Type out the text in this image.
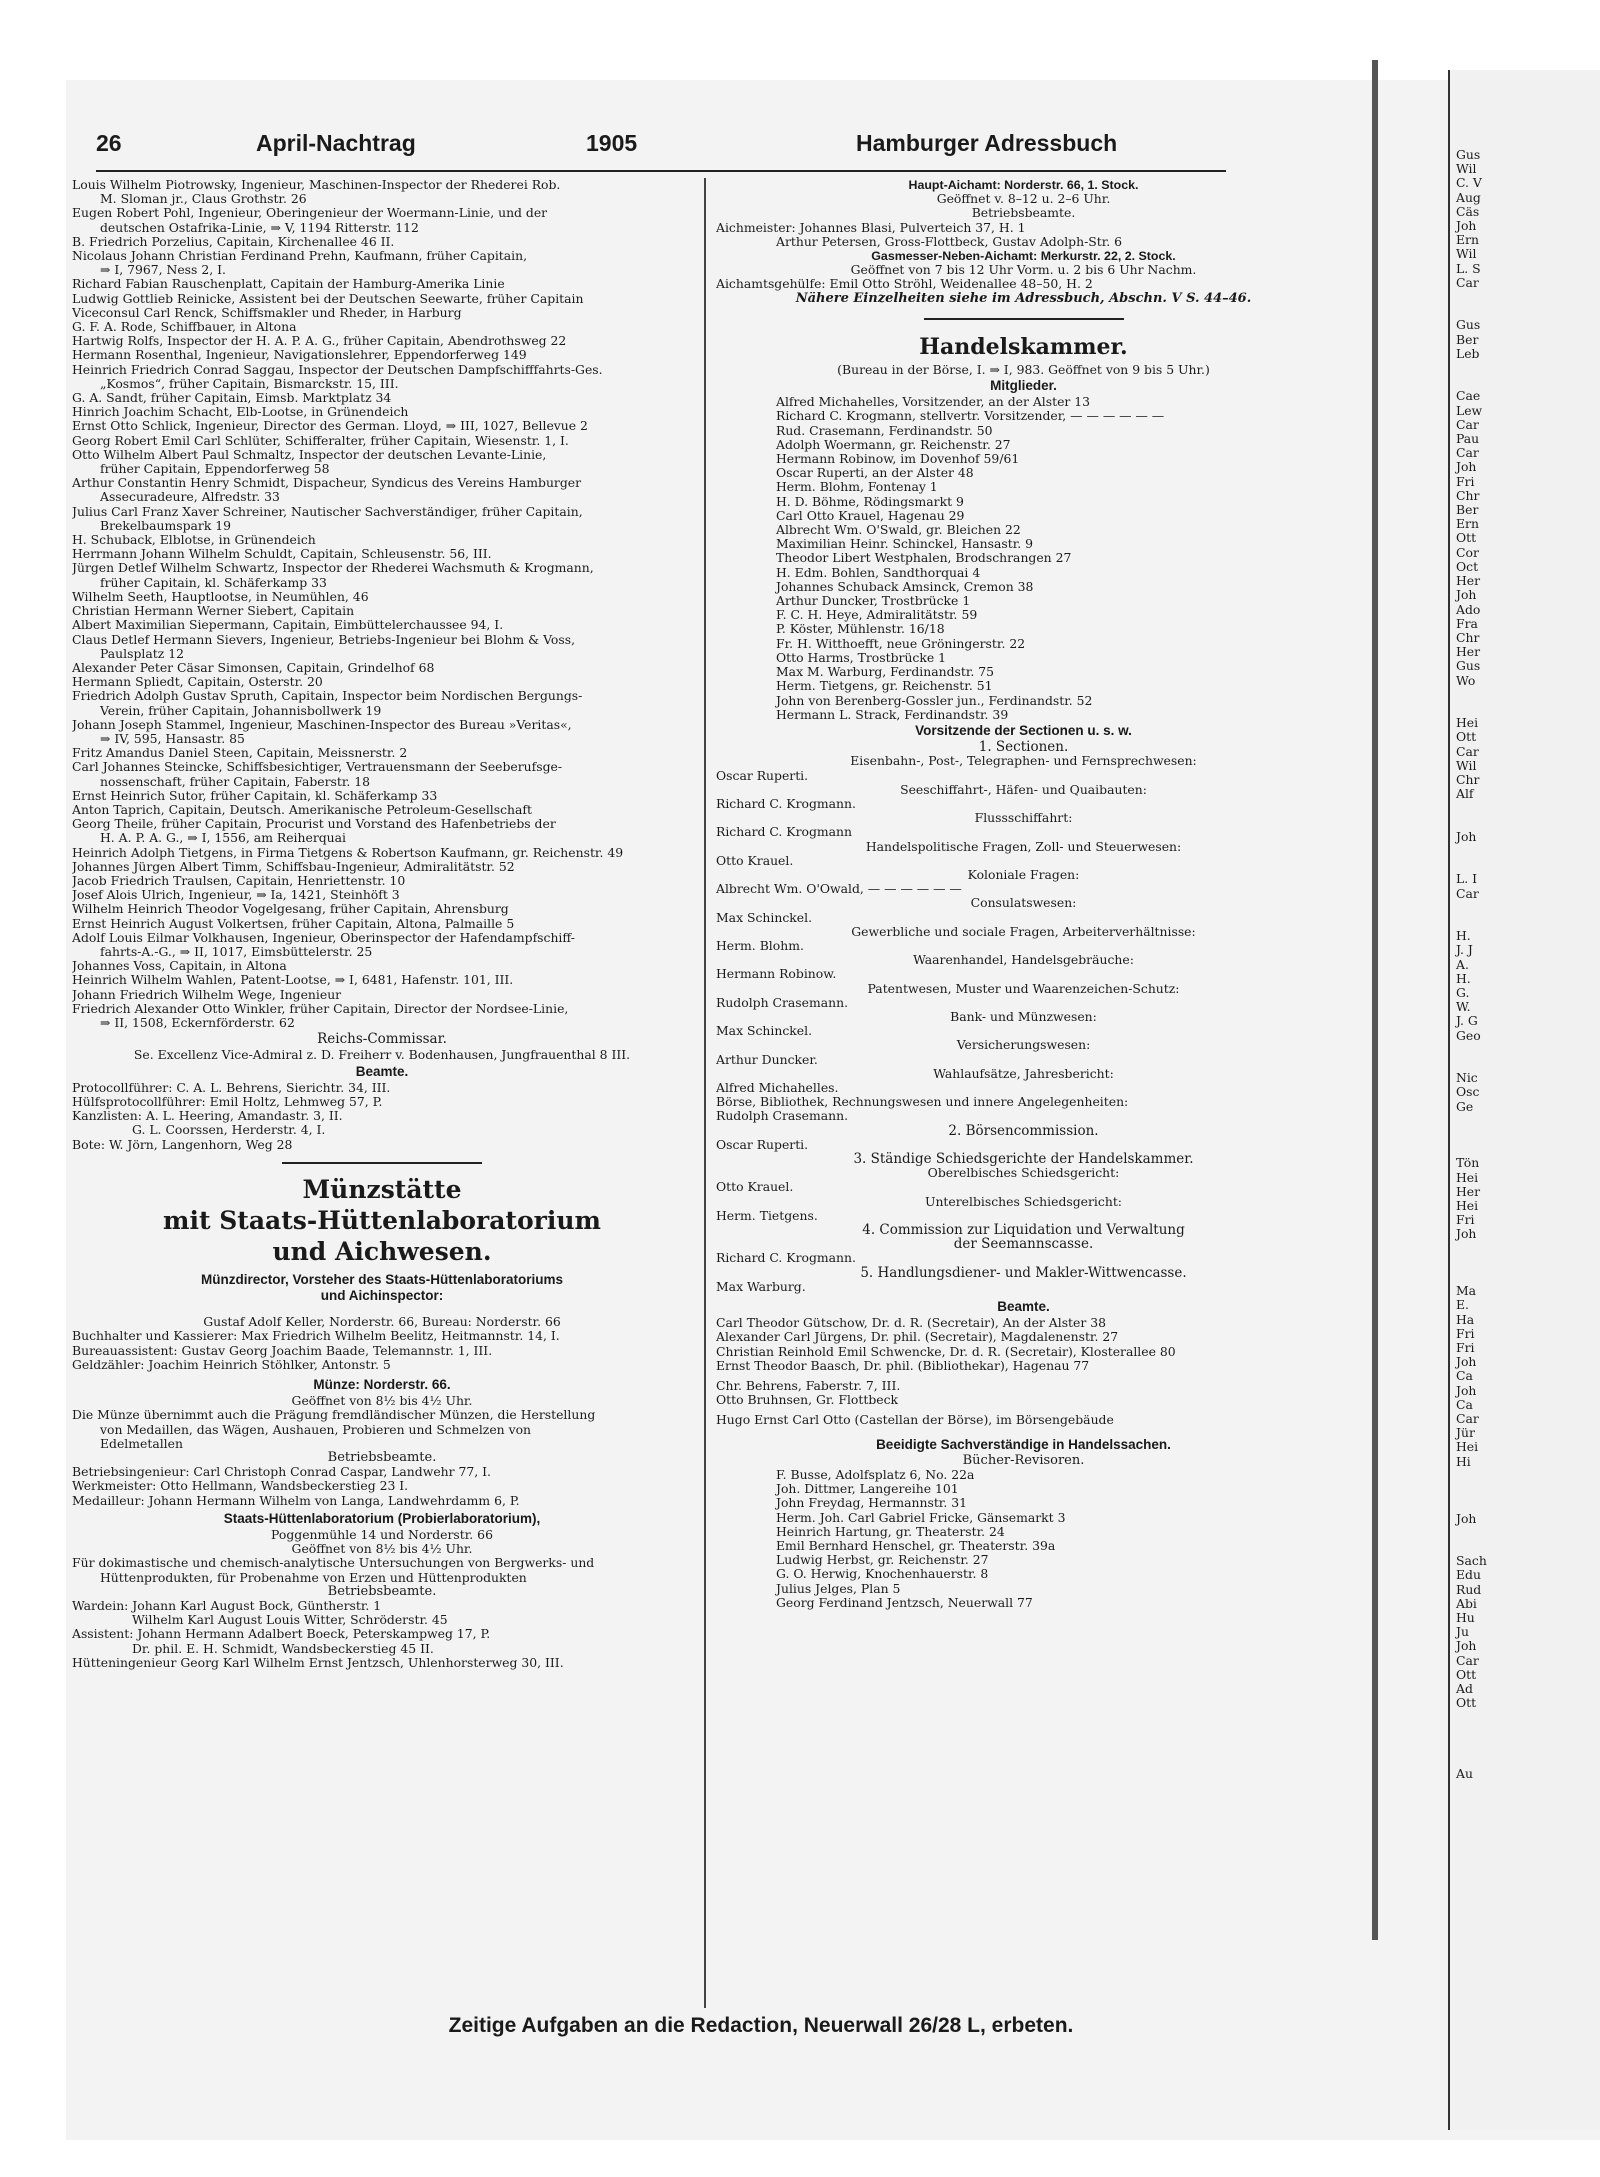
26	April-Nachtrag	1905	Hamburger Adressbuch
Louis Wilhelm Piotrowsky, Ingenieur, Maschinen-Inspector der Rhederei Rob.
M. Sloman jr., Claus Grothstr. 26
Eugen Robert Pohl, Ingenieur, Oberingenieur der Woermann-Linie, und der
deutschen Ostafrika-Linie, ⇒ V, 1194 Ritterstr. 112
B. Friedrich Porzelius, Capitain, Kirchenallee 46 II.
Nicolaus Johann Christian Ferdinand Prehn, Kaufmann, früher Capitain,
⇒ I, 7967, Ness 2, I.
Richard Fabian Rauschenplatt, Capitain der Hamburg-Amerika Linie
Ludwig Gottlieb Reinicke, Assistent bei der Deutschen Seewarte, früher Capitain
Viceconsul Carl Renck, Schiffsmakler und Rheder, in Harburg
G. F. A. Rode, Schiffbauer, in Altona
Hartwig Rolfs, Inspector der H. A. P. A. G., früher Capitain, Abendrothsweg 22
Hermann Rosenthal, Ingenieur, Navigationslehrer, Eppendorferweg 149
Heinrich Friedrich Conrad Saggau, Inspector der Deutschen Dampfschifffahrts-Ges.
„Kosmos“, früher Capitain, Bismarckstr. 15, III.
G. A. Sandt, früher Capitain, Eimsb. Marktplatz 34
Hinrich Joachim Schacht, Elb-Lootse, in Grünendeich
Ernst Otto Schlick, Ingenieur, Director des German. Lloyd, ⇒ III, 1027, Bellevue 2
Georg Robert Emil Carl Schlüter, Schifferalter, früher Capitain, Wiesenstr. 1, I.
Otto Wilhelm Albert Paul Schmaltz, Inspector der deutschen Levante-Linie,
früher Capitain, Eppendorferweg 58
Arthur Constantin Henry Schmidt, Dispacheur, Syndicus des Vereins Hamburger
Assecuradeure, Alfredstr. 33
Julius Carl Franz Xaver Schreiner, Nautischer Sachverständiger, früher Capitain,
Brekelbaumspark 19
H. Schuback, Elblotse, in Grünendeich
Herrmann Johann Wilhelm Schuldt, Capitain, Schleusenstr. 56, III.
Jürgen Detlef Wilhelm Schwartz, Inspector der Rhederei Wachsmuth & Krogmann,
früher Capitain, kl. Schäferkamp 33
Wilhelm Seeth, Hauptlootse, in Neumühlen, 46
Christian Hermann Werner Siebert, Capitain
Albert Maximilian Siepermann, Capitain, Eimbüttelerchaussee 94, I.
Claus Detlef Hermann Sievers, Ingenieur, Betriebs-Ingenieur bei Blohm & Voss,
Paulsplatz 12
Alexander Peter Cäsar Simonsen, Capitain, Grindelhof 68
Hermann Spliedt, Capitain, Osterstr. 20
Friedrich Adolph Gustav Spruth, Capitain, Inspector beim Nordischen Bergungs-
Verein, früher Capitain, Johannisbollwerk 19
Johann Joseph Stammel, Ingenieur, Maschinen-Inspector des Bureau »Veritas«,
⇒ IV, 595, Hansastr. 85
Fritz Amandus Daniel Steen, Capitain, Meissnerstr. 2
Carl Johannes Steincke, Schiffsbesichtiger, Vertrauensmann der Seeberufsge-
nossenschaft, früher Capitain, Faberstr. 18
Ernst Heinrich Sutor, früher Capitain, kl. Schäferkamp 33
Anton Taprich, Capitain, Deutsch. Amerikanische Petroleum-Gesellschaft
Georg Theile, früher Capitain, Procurist und Vorstand des Hafenbetriebs der
H. A. P. A. G., ⇒ I, 1556, am Reiherquai
Heinrich Adolph Tietgens, in Firma Tietgens & Robertson Kaufmann, gr. Reichenstr. 49
Johannes Jürgen Albert Timm, Schiffsbau-Ingenieur, Admiralitätstr. 52
Jacob Friedrich Traulsen, Capitain, Henriettenstr. 10
Josef Alois Ulrich, Ingenieur, ⇒ Ia, 1421, Steinhöft 3
Wilhelm Heinrich Theodor Vogelgesang, früher Capitain, Ahrensburg
Ernst Heinrich August Volkertsen, früher Capitain, Altona, Palmaille 5
Adolf Louis Eilmar Volkhausen, Ingenieur, Oberinspector der Hafendampfschiff-
fahrts-A.-G., ⇒ II, 1017, Eimsbüttelerstr. 25
Johannes Voss, Capitain, in Altona
Heinrich Wilhelm Wahlen, Patent-Lootse, ⇒ I, 6481, Hafenstr. 101, III.
Johann Friedrich Wilhelm Wege, Ingenieur
Friedrich Alexander Otto Winkler, früher Capitain, Director der Nordsee-Linie,
⇒ II, 1508, Eckernförderstr. 62
Reichs-Commissar.
Se. Excellenz Vice-Admiral z. D. Freiherr v. Bodenhausen, Jungfrauenthal 8 III.
Beamte.
Protocollführer: C. A. L. Behrens, Sierichtr. 34, III.
Hülfsprotocollführer: Emil Holtz, Lehmweg 57, P.
Kanzlisten: A. L. Heering, Amandastr. 3, II.
G. L. Coorssen, Herderstr. 4, I.
Bote: W. Jörn, Langenhorn, Weg 28
Münzstätte
mit Staats-Hüttenlaboratorium
und Aichwesen.
Münzdirector, Vorsteher des Staats-Hüttenlaboratoriums
und Aichinspector:
Gustaf Adolf Keller, Norderstr. 66, Bureau: Norderstr. 66
Buchhalter und Kassierer: Max Friedrich Wilhelm Beelitz, Heitmannstr. 14, I.
Bureauassistent: Gustav Georg Joachim Baade, Telemannstr. 1, III.
Geldzähler: Joachim Heinrich Stöhlker, Antonstr. 5
Münze: Norderstr. 66.
Geöffnet von 8½ bis 4½ Uhr.
Die Münze übernimmt auch die Prägung fremdländischer Münzen, die Herstellung
von Medaillen, das Wägen, Aushauen, Probieren und Schmelzen von
Edelmetallen
Betriebsbeamte.
Betriebsingenieur: Carl Christoph Conrad Caspar, Landwehr 77, I.
Werkmeister: Otto Hellmann, Wandsbeckerstieg 23 I.
Medailleur: Johann Hermann Wilhelm von Langa, Landwehrdamm 6, P.
Staats-Hüttenlaboratorium (Probierlaboratorium),
Poggenmühle 14 und Norderstr. 66
Geöffnet von 8½ bis 4½ Uhr.
Für dokimastische und chemisch-analytische Untersuchungen von Bergwerks- und
Hüttenprodukten, für Probenahme von Erzen und Hüttenprodukten
Betriebsbeamte.
Wardein: Johann Karl August Bock, Güntherstr. 1
Wilhelm Karl August Louis Witter, Schröderstr. 45
Assistent: Johann Hermann Adalbert Boeck, Peterskampweg 17, P.
Dr. phil. E. H. Schmidt, Wandsbeckerstieg 45 II.
Hütteningenieur Georg Karl Wilhelm Ernst Jentzsch, Uhlenhorsterweg 30, III.
Haupt-Aichamt: Norderstr. 66, 1. Stock.
Geöffnet v. 8–12 u. 2–6 Uhr.
Betriebsbeamte.
Aichmeister: Johannes Blasi, Pulverteich 37, H. 1
Arthur Petersen, Gross-Flottbeck, Gustav Adolph-Str. 6
Gasmesser-Neben-Aichamt: Merkurstr. 22, 2. Stock.
Geöffnet von 7 bis 12 Uhr Vorm. u. 2 bis 6 Uhr Nachm.
Aichamtsgehülfe: Emil Otto Ströhl, Weidenallee 48–50, H. 2
Nähere Einzelheiten siehe im Adressbuch, Abschn. V S. 44–46.
Handelskammer.
(Bureau in der Börse, I. ⇒ I, 983. Geöffnet von 9 bis 5 Uhr.)
Mitglieder.
Alfred Michahelles, Vorsitzender, an der Alster 13
Richard C. Krogmann, stellvertr. Vorsitzender, — — — — — —
Rud. Crasemann, Ferdinandstr. 50
Adolph Woermann, gr. Reichenstr. 27
Hermann Robinow, im Dovenhof 59/61
Oscar Ruperti, an der Alster 48
Herm. Blohm, Fontenay 1
H. D. Böhme, Rödingsmarkt 9
Carl Otto Krauel, Hagenau 29
Albrecht Wm. O'Swald, gr. Bleichen 22
Maximilian Heinr. Schinckel, Hansastr. 9
Theodor Libert Westphalen, Brodschrangen 27
H. Edm. Bohlen, Sandthorquai 4
Johannes Schuback Amsinck, Cremon 38
Arthur Duncker, Trostbrücke 1
F. C. H. Heye, Admiralitätstr. 59
P. Köster, Mühlenstr. 16/18
Fr. H. Witthoefft, neue Gröningerstr. 22
Otto Harms, Trostbrücke 1
Max M. Warburg, Ferdinandstr. 75
Herm. Tietgens, gr. Reichenstr. 51
John von Berenberg-Gossler jun., Ferdinandstr. 52
Hermann L. Strack, Ferdinandstr. 39
Vorsitzende der Sectionen u. s. w.
1. Sectionen.
Eisenbahn-, Post-, Telegraphen- und Fernsprechwesen:
Oscar Ruperti.
Seeschiffahrt-, Häfen- und Quaibauten:
Richard C. Krogmann.
Flussschiffahrt:
Richard C. Krogmann
Handelspolitische Fragen, Zoll- und Steuerwesen:
Otto Krauel.
Koloniale Fragen:
Albrecht Wm. O'Owald, — — — — — —
Consulatswesen:
Max Schinckel.
Gewerbliche und sociale Fragen, Arbeiterverhältnisse:
Herm. Blohm.
Waarenhandel, Handelsgebräuche:
Hermann Robinow.
Patentwesen, Muster und Waarenzeichen-Schutz:
Rudolph Crasemann.
Bank- und Münzwesen:
Max Schinckel.
Versicherungswesen:
Arthur Duncker.
Wahlaufsätze, Jahresbericht:
Alfred Michahelles.
Börse, Bibliothek, Rechnungswesen und innere Angelegenheiten:
Rudolph Crasemann.
2. Börsencommission.
Oscar Ruperti.
3. Ständige Schiedsgerichte der Handelskammer.
Oberelbisches Schiedsgericht:
Otto Krauel.
Unterelbisches Schiedsgericht:
Herm. Tietgens.
4. Commission zur Liquidation und Verwaltung
der Seemannscasse.
Richard C. Krogmann.
5. Handlungsdiener- und Makler-Wittwencasse.
Max Warburg.
Beamte.
Carl Theodor Gütschow, Dr. d. R. (Secretair), An der Alster 38
Alexander Carl Jürgens, Dr. phil. (Secretair), Magdalenenstr. 27
Christian Reinhold Emil Schwencke, Dr. d. R. (Secretair), Klosterallee 80
Ernst Theodor Baasch, Dr. phil. (Bibliothekar), Hagenau 77
Chr. Behrens, Faberstr. 7, III.
Otto Bruhnsen, Gr. Flottbeck
Hugo Ernst Carl Otto (Castellan der Börse), im Börsengebäude
Beeidigte Sachverständige in Handelssachen.
Bücher-Revisoren.
F. Busse, Adolfsplatz 6, No. 22a
Joh. Dittmer, Langereihe 101
John Freydag, Hermannstr. 31
Herm. Joh. Carl Gabriel Fricke, Gänsemarkt 3
Heinrich Hartung, gr. Theaterstr. 24
Emil Bernhard Henschel, gr. Theaterstr. 39a
Ludwig Herbst, gr. Reichenstr. 27
G. O. Herwig, Knochenhauerstr. 8
Julius Jelges, Plan 5
Georg Ferdinand Jentzsch, Neuerwall 77
Zeitige Aufgaben an die Redaction, Neuerwall 26/28 L, erbeten.
Gus
Wil
C. V
Aug
Cäs
Joh
Ern
Wil
L. S
Car

Gus
Ber
Leb

Cae
Lew
Car
Pau
Car
Joh
Fri
Chr
Ber
Ern
Ott
Cor
Oct
Her
Joh
Ado
Fra
Chr
Her
Gus
Wo

Hei
Ott
Car
Wil
Chr
Alf

Joh

L. I
Car

H.
J. J
A.
H.
G.
W.
J. G
Geo

Nic
Osc
Ge

Tön
Hei
Her
Hei
Fri
Joh

Ma
E.
Ha
Fri
Fri
Joh
Ca
Joh
Ca
Car
Jür
Hei
Hi

Joh

Sach
Edu
Rud
Abi
Hu
Ju
Joh
Car
Ott
Ad
Ott

Au
